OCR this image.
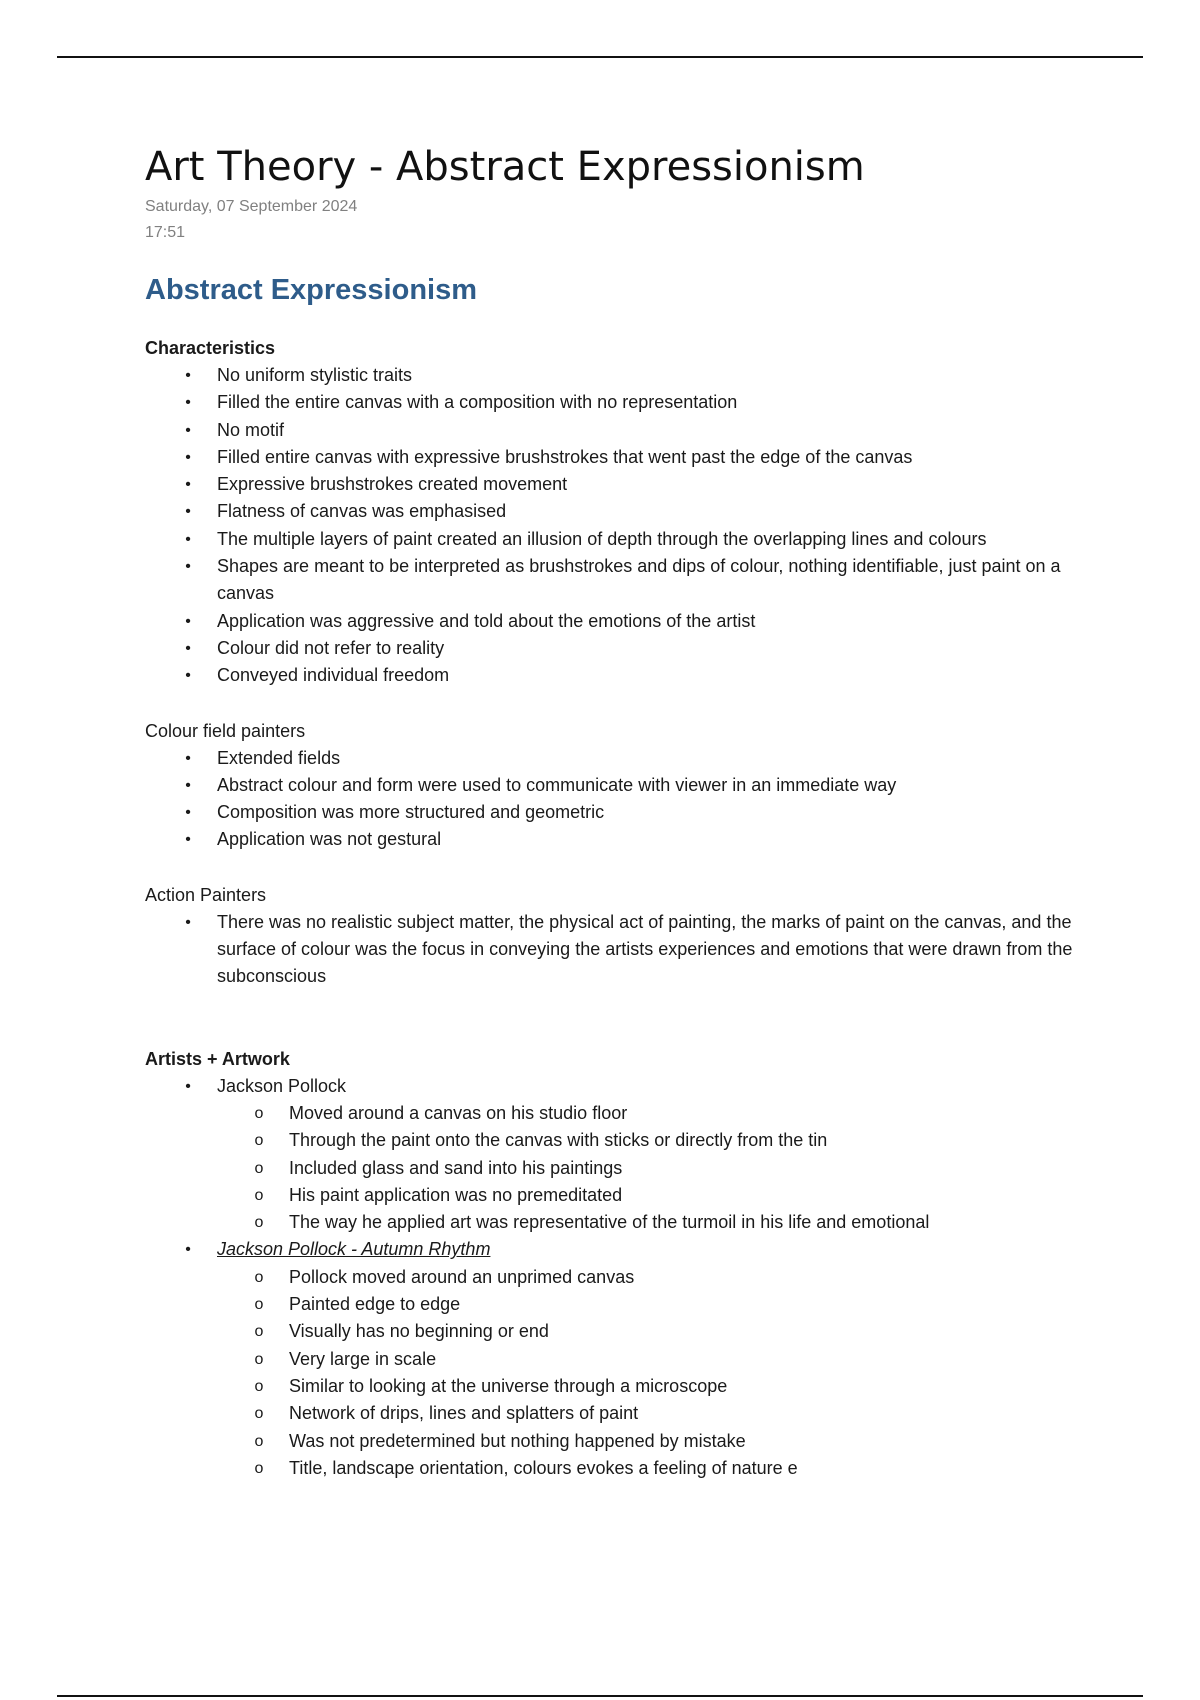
Art Theory - Abstract Expressionism
Saturday, 07 September 2024
17:51
Abstract Expressionism
Characteristics
• No uniform stylistic traits
• Filled the entire canvas with a composition with no representation
• No motif
• Filled entire canvas with expressive brushstrokes that went past the edge of the canvas
• Expressive brushstrokes created movement
• Flatness of canvas was emphasised
• The multiple layers of paint created an illusion of depth through the overlapping lines and colours
• Shapes are meant to be interpreted as brushstrokes and dips of colour, nothing identifiable, just paint on a canvas
• Application was aggressive and told about the emotions of the artist
• Colour did not refer to reality
• Conveyed individual freedom
Colour field painters
• Extended fields
• Abstract colour and form were used to communicate with viewer in an immediate way
• Composition was more structured and geometric
• Application was not gestural
Action Painters
• There was no realistic subject matter, the physical act of painting, the marks of paint on the canvas, and the surface of colour was the focus in conveying the artists experiences and emotions that were drawn from the subconscious
Artists + Artwork
• Jackson Pollock
o Moved around a canvas on his studio floor
o Through the paint onto the canvas with sticks or directly from the tin
o Included glass and sand into his paintings
o His paint application was no premeditated
o The way he applied art was representative of the turmoil in his life and emotional
• Jackson Pollock - Autumn Rhythm
o Pollock moved around an unprimed canvas
o Painted edge to edge
o Visually has no beginning or end
o Very large in scale
o Similar to looking at the universe through a microscope
o Network of drips, lines and splatters of paint
o Was not predetermined but nothing happened by mistake
o Title, landscape orientation, colours evokes a feeling of nature e
